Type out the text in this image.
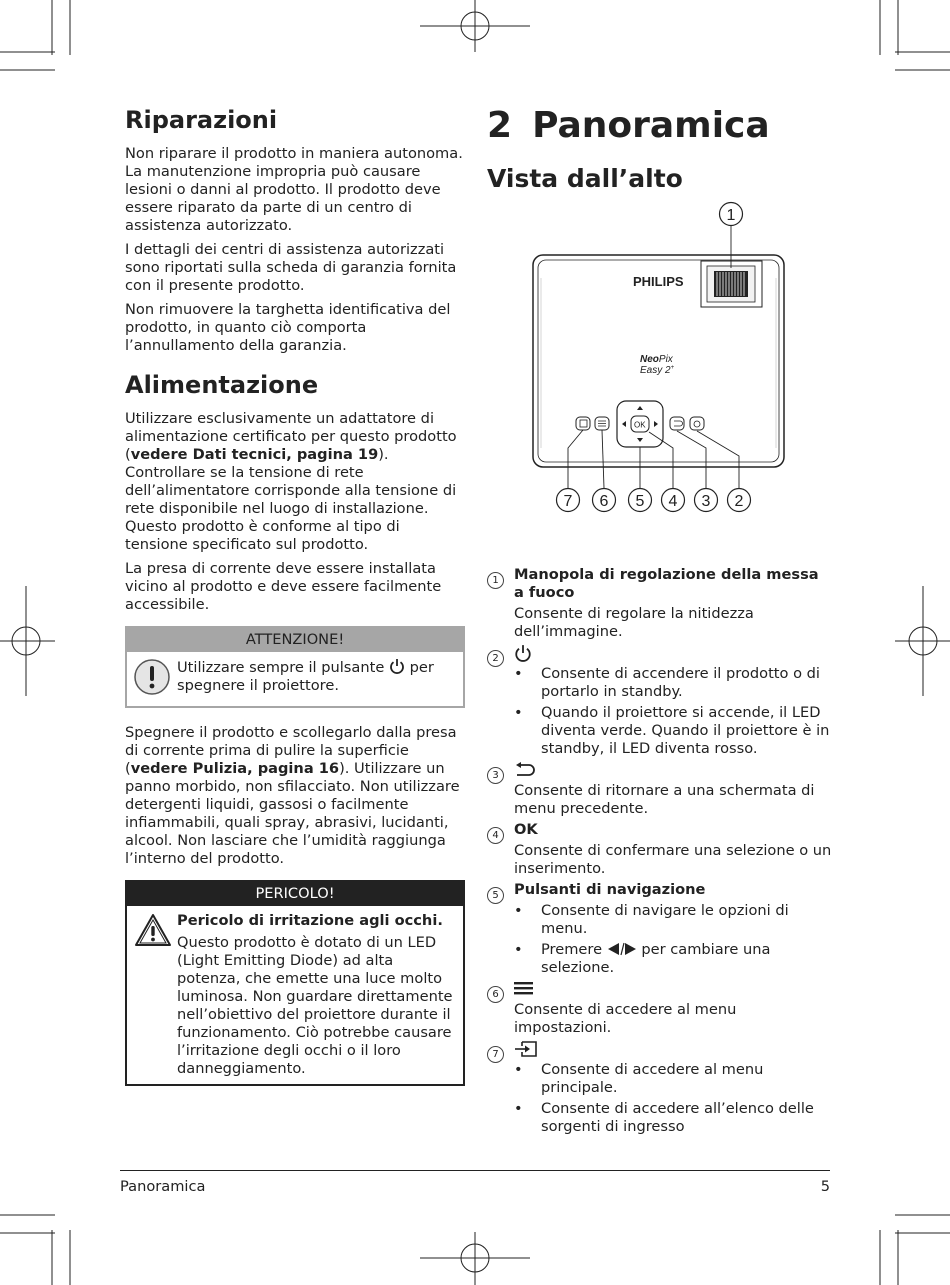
Riparazioni

Non riparare il prodotto in maniera autonoma. La manutenzione impropria può causare lesioni o danni al prodotto. Il prodotto deve essere riparato da parte di un centro di assistenza autorizzato.

I dettagli dei centri di assistenza autorizzati sono riportati sulla scheda di garanzia fornita con il presente prodotto.

Non rimuovere la targhetta identificativa del prodotto, in quanto ciò comporta l’annullamento della garanzia.

Alimentazione

Utilizzare esclusivamente un adattatore di alimentazione certificato per questo prodotto (vedere Dati tecnici, pagina 19). Controllare se la tensione di rete dell’alimentatore corrisponde alla tensione di rete disponibile nel luogo di installazione. Questo prodotto è conforme al tipo di tensione specificato sul prodotto.

La presa di corrente deve essere installata vicino al prodotto e deve essere facilmente accessibile.

ATTENZIONE!
Utilizzare sempre il pulsante per spegnere il proiettore.

Spegnere il prodotto e scollegarlo dalla presa di corrente prima di pulire la superficie (vedere Pulizia, pagina 16). Utilizzare un panno morbido, non sfilacciato. Non utilizzare detergenti liquidi, gassosi o facilmente infiammabili, quali spray, abrasivi, lucidanti, alcool. Non lasciare che l’umidità raggiunga l’interno del prodotto.

PERICOLO!
Pericolo di irritazione agli occhi.
Questo prodotto è dotato di un LED (Light Emitting Diode) ad alta potenza, che emette una luce molto luminosa. Non guardare direttamente nell’obiettivo del proiettore durante il funzionamento. Ciò potrebbe causare l’irritazione degli occhi o il loro danneggiamento.
2 Panoramica
Vista dall’alto
PHILIPS
NeoPix
Easy 2+
OK
1
2
3
4
5
6
7
1	Manopola di regolazione della messa a fuoco
Consente di regolare la nitidezza dell’immagine.
2
•	Consente di accendere il prodotto o di portarlo in standby.
•	Quando il proiettore si accende, il LED diventa verde. Quando il proiettore è in standby, il LED diventa rosso.
3
Consente di ritornare a una schermata di menu precedente.
4	OK
Consente di confermare una selezione o un inserimento.
5	Pulsanti di navigazione
•	Consente di navigare le opzioni di menu.
•	Premere	per cambiare una selezione.
6
Consente di accedere al menu impostazioni.
7
•	Consente di accedere al menu principale.
•	Consente di accedere all’elenco delle sorgenti di ingresso
Panoramica	5
